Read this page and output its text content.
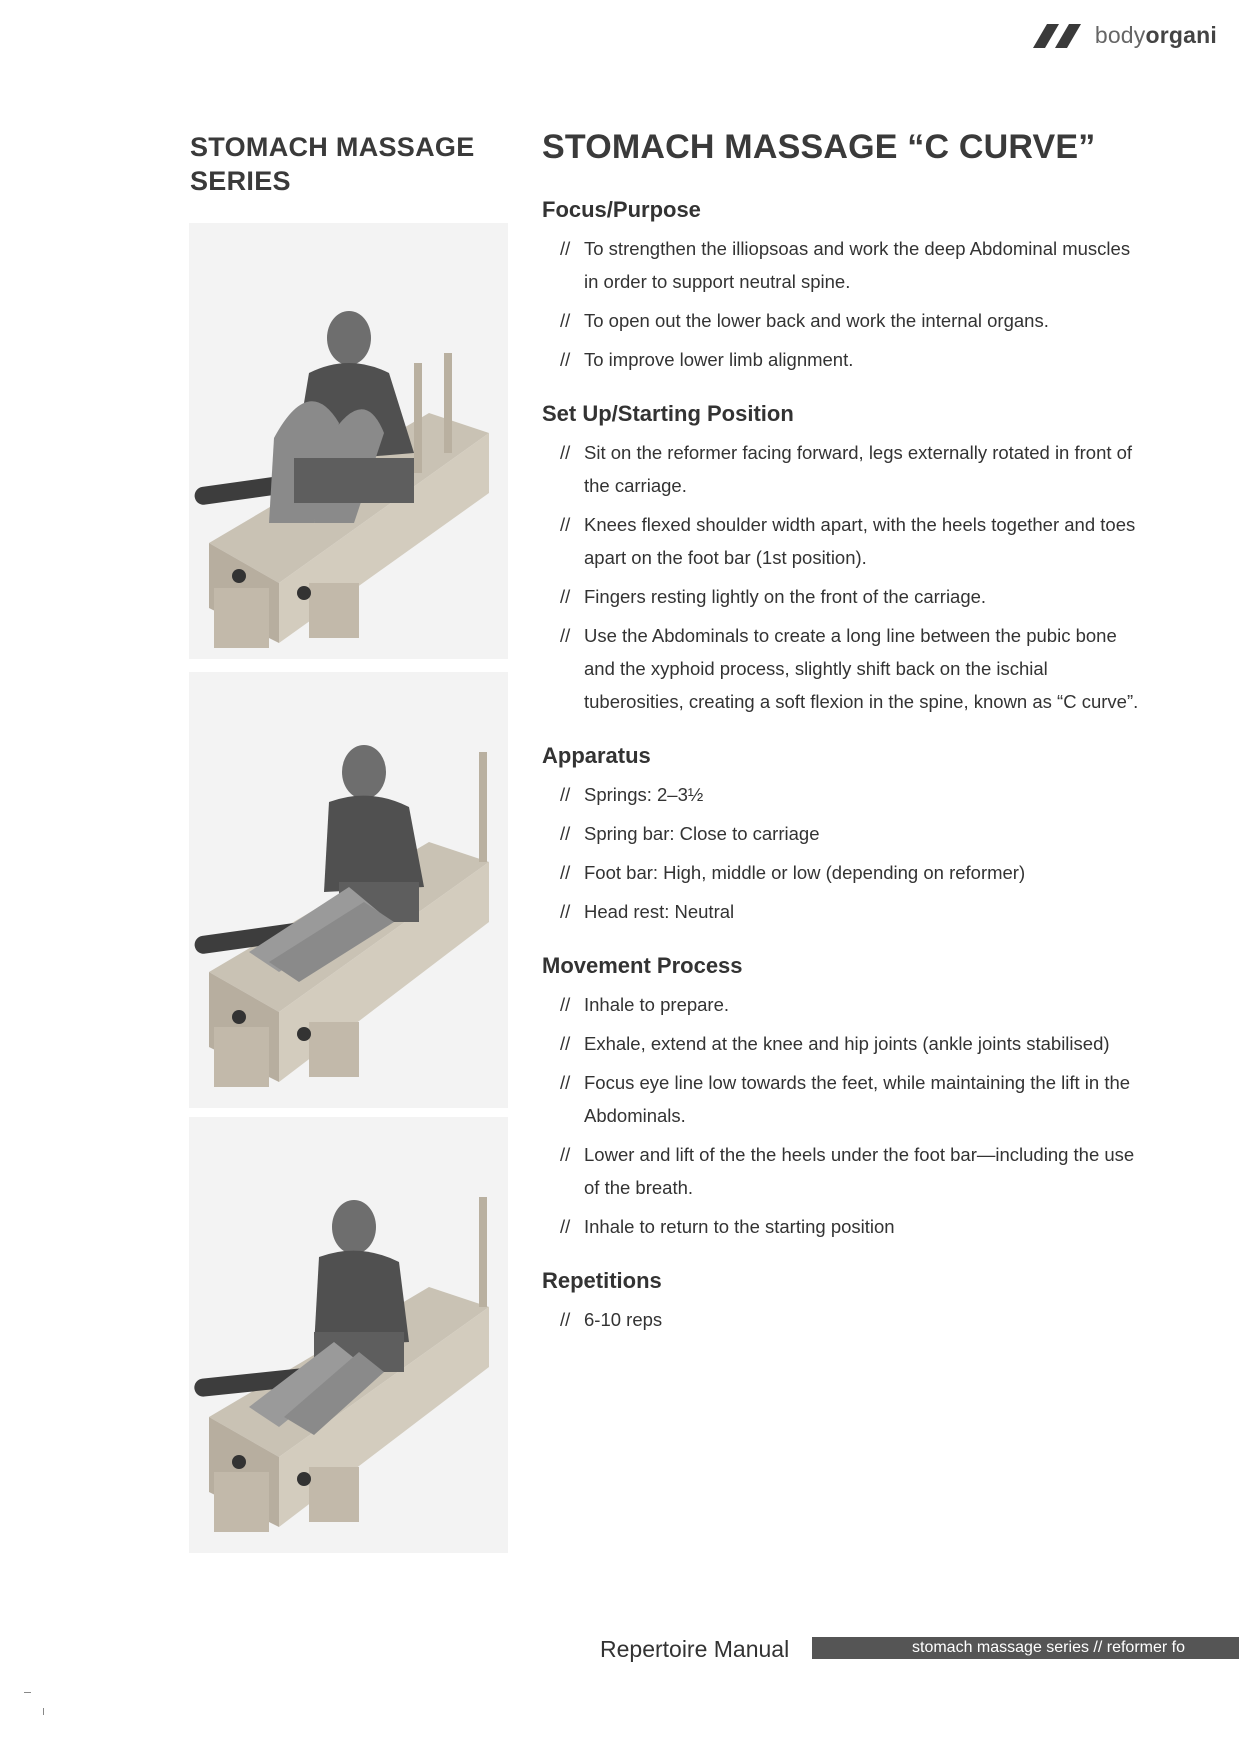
bodyorgani
STOMACH MASSAGE SERIES
STOMACH MASSAGE “C CURVE”
Focus/Purpose
// To strengthen the illiopsoas and work the deep Abdominal muscles in order to support neutral spine.
// To open out the lower back and work the internal organs.
// To improve lower limb alignment.
Set Up/Starting Position
// Sit on the reformer facing forward, legs externally rotated in front of the carriage.
// Knees flexed shoulder width apart, with the heels together and toes apart on the foot bar (1st position).
// Fingers resting lightly on the front of the carriage.
// Use the Abdominals to create a long line between the pubic bone and the xyphoid process, slightly shift back on the ischial tuberosities, creating a soft flexion in the spine, known as “C curve”.
Apparatus
// Springs: 2–3½
// Spring bar: Close to carriage
// Foot bar: High, middle or low (depending on reformer)
// Head rest: Neutral
Movement Process
// Inhale to prepare.
// Exhale, extend at the knee and hip joints (ankle joints stabilised)
// Focus eye line low towards the feet, while maintaining the lift in the Abdominals.
// Lower and lift of the the heels under the foot bar—including the use of the breath.
// Inhale to return to the starting position
Repetitions
// 6-10 reps
Repertoire Manual	stomach massage series // reformer fo
